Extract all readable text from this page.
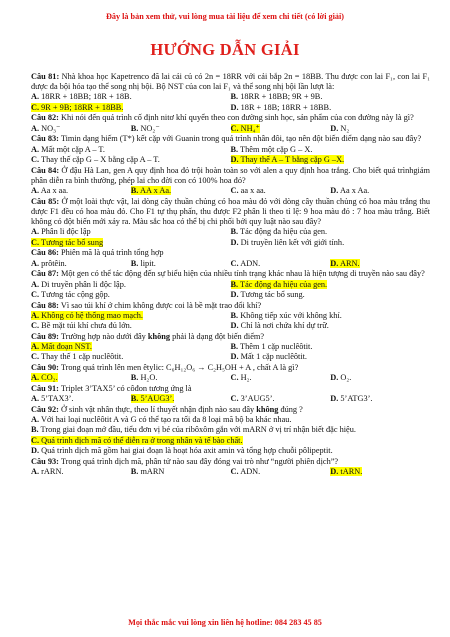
Đây là bản xem thử, vui lòng mua tài liệu để xem chi tiết (có lời giải)
HƯỚNG DẪN GIẢI
Câu 81: Nhà khoa học Kapetrenco đã lai cải củ có 2n = 18RR với cải bắp 2n = 18BB. Thu được con lai F₁, con lai F₁ được đa bội hóa tạo thể song nhị bội. Bộ NST của con lai F₁ và thể song nhị bội lần lượt là:
A. 18RR + 18BB; 18R + 18B.	B. 18RR + 18BB; 9R + 9B.
C. 9R + 9B; 18RR + 18BB.	D. 18R + 18B; 18RR + 18BB.
Câu 82: Khi nói đến quá trình cố định nitơ khí quyển theo con đường sinh học, sản phẩm của con đường này là gì?
A. NO₃⁻	B. NO₂⁻	C. NH₄⁺	D. N₂
Câu 83: Timin dạng hiếm (T*) kết cặp với Guanin trong quá trình nhân đôi, tạo nên đột biến điểm dạng nào sau đây?
A. Mất một cặp A – T.	B. Thêm một cặp G – X.
C. Thay thế cặp G – X bằng cặp A – T.	D. Thay thế A – T bằng cặp G –X.
Câu 84: Ở đậu Hà Lan, gen A quy định hoa đỏ trội hoàn toàn so với alen a quy định hoa trắng. Cho biết quá trìnhgiảm phân diễn ra bình thường, phép lai cho đời con có 100% hoa đỏ?
A. Aa x aa.	B. AA x Aa.	C. aa x aa.	D. Aa x Aa.
Câu 85: Ở một loài thực vật, lai dòng cây thuần chủng có hoa màu đỏ với dòng cây thuần chủng có hoa màu trắng thu được F1 đều có hoa màu đỏ. Cho F1 tự thụ phấn, thu được F2 phân li theo tỉ lệ: 9 hoa màu đỏ : 7 hoa màu trắng. Biết không có đột biến mới xảy ra. Màu sắc hoa có thể bị chi phối bởi quy luật nào sau đây?
A. Phân li độc lập	B. Tác động đa hiệu của gen.
C. Tương tác bổ sung	D. Di truyền liên kết với giới tính.
Câu 86: Phiên mã là quá trình tổng hợp
A. prôtêin.	B. lipit.	C. ADN.	D. ARN.
Câu 87: Một gen có thể tác động đến sự biểu hiện của nhiều tính trạng khác nhau là hiện tượng di truyền nào sau đây?
A. Di truyền phân li độc lập.	B. Tác động đa hiệu của gen.
C. Tương tác cộng gộp.	D. Tương tác bổ sung.
Câu 88: Vì sao túi khí ở chim không được coi là bề mặt trao đổi khí?
A. Không có hệ thống mao mạch.	B. Không tiếp xúc với không khí.
C. Bề mặt túi khí chưa đủ lớn.	D. Chỉ là nơi chứa khí dự trữ.
Câu 89: Trường hợp nào dưới đây không phải là dạng đột biến điểm?
A. Mất đoạn NST.	B. Thêm 1 cặp nuclêôtit.
C. Thay thế 1 cặp nuclêôtit.	D. Mất 1 cặp nuclêôtit.
Câu 90: Trong quá trình lên men êtylic: C₆H₁₂O₆ → C₂H₅OH + A , chất A là gì?
A. CO₂.	B. H₂O.	C. H₂.	D. O₂.
Câu 91: Triplet 3’TAX5’ có côđon tương ứng là
A. 5’TAX3’.	B. 5’AUG3’.	C. 3’AUG5’.	D. 5’ATG3’.
Câu 92: Ở sinh vật nhân thực, theo lí thuyết nhận định nào sau đây không đúng ?
A. Với hai loại nuclêôtit A và G có thể tạo ra tối đa 8 loại mã bộ ba khác nhau.
B. Trong giai đoạn mở đầu, tiểu đơn vị bé của ribôxôm gắn với mARN ở vị trí nhận biết đặc hiệu.
C. Quá trình dịch mã có thể diễn ra ở trong nhân và tế bào chất.
D. Quá trình dịch mã gồm hai giai đoạn là hoạt hóa axit amin và tổng hợp chuỗi pôlipeptit.
Câu 93: Trong quá trình dịch mã, phân tử nào sau đây đóng vai trò như “người phiên dịch”?
A. rARN.	B. mARN	C. ADN.	D. tARN.
Mọi thắc mắc vui lòng xin liên hệ hotline: 084 283 45 85
